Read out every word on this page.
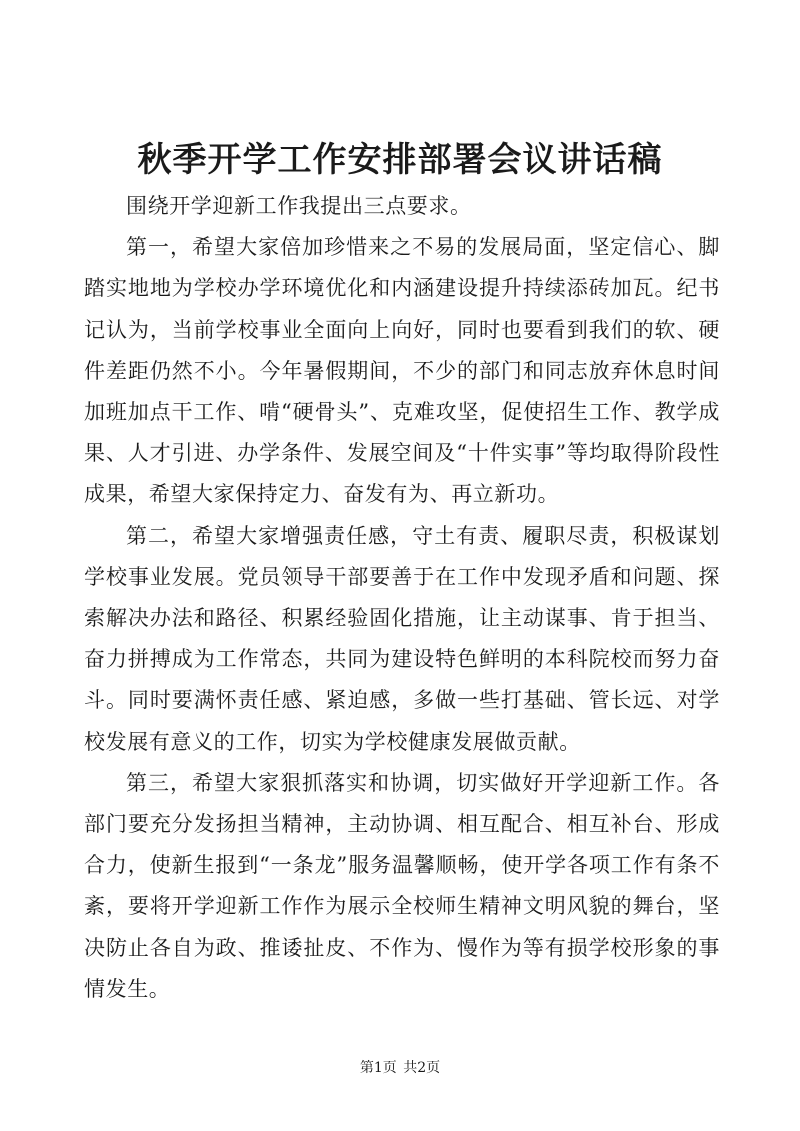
秋季开学工作安排部署会议讲话稿

围绕开学迎新工作我提出三点要求。

第一，希望大家倍加珍惜来之不易的发展局面，坚定信心、脚踏实地地为学校办学环境优化和内涵建设提升持续添砖加瓦。纪书记认为，当前学校事业全面向上向好，同时也要看到我们的软、硬件差距仍然不小。今年暑假期间，不少的部门和同志放弃休息时间加班加点干工作、啃“硬骨头”、克难攻坚，促使招生工作、教学成果、人才引进、办学条件、发展空间及“十件实事”等均取得阶段性成果，希望大家保持定力、奋发有为、再立新功。

第二，希望大家增强责任感，守土有责、履职尽责，积极谋划学校事业发展。党员领导干部要善于在工作中发现矛盾和问题、探索解决办法和路径、积累经验固化措施，让主动谋事、肯于担当、奋力拼搏成为工作常态，共同为建设特色鲜明的本科院校而努力奋斗。同时要满怀责任感、紧迫感，多做一些打基础、管长远、对学校发展有意义的工作，切实为学校健康发展做贡献。

第三，希望大家狠抓落实和协调，切实做好开学迎新工作。各部门要充分发扬担当精神，主动协调、相互配合、相互补台、形成合力，使新生报到“一条龙”服务温馨顺畅，使开学各项工作有条不紊，要将开学迎新工作作为展示全校师生精神文明风貌的舞台，坚决防止各自为政、推诿扯皮、不作为、慢作为等有损学校形象的事情发生。

第1页 共2页
